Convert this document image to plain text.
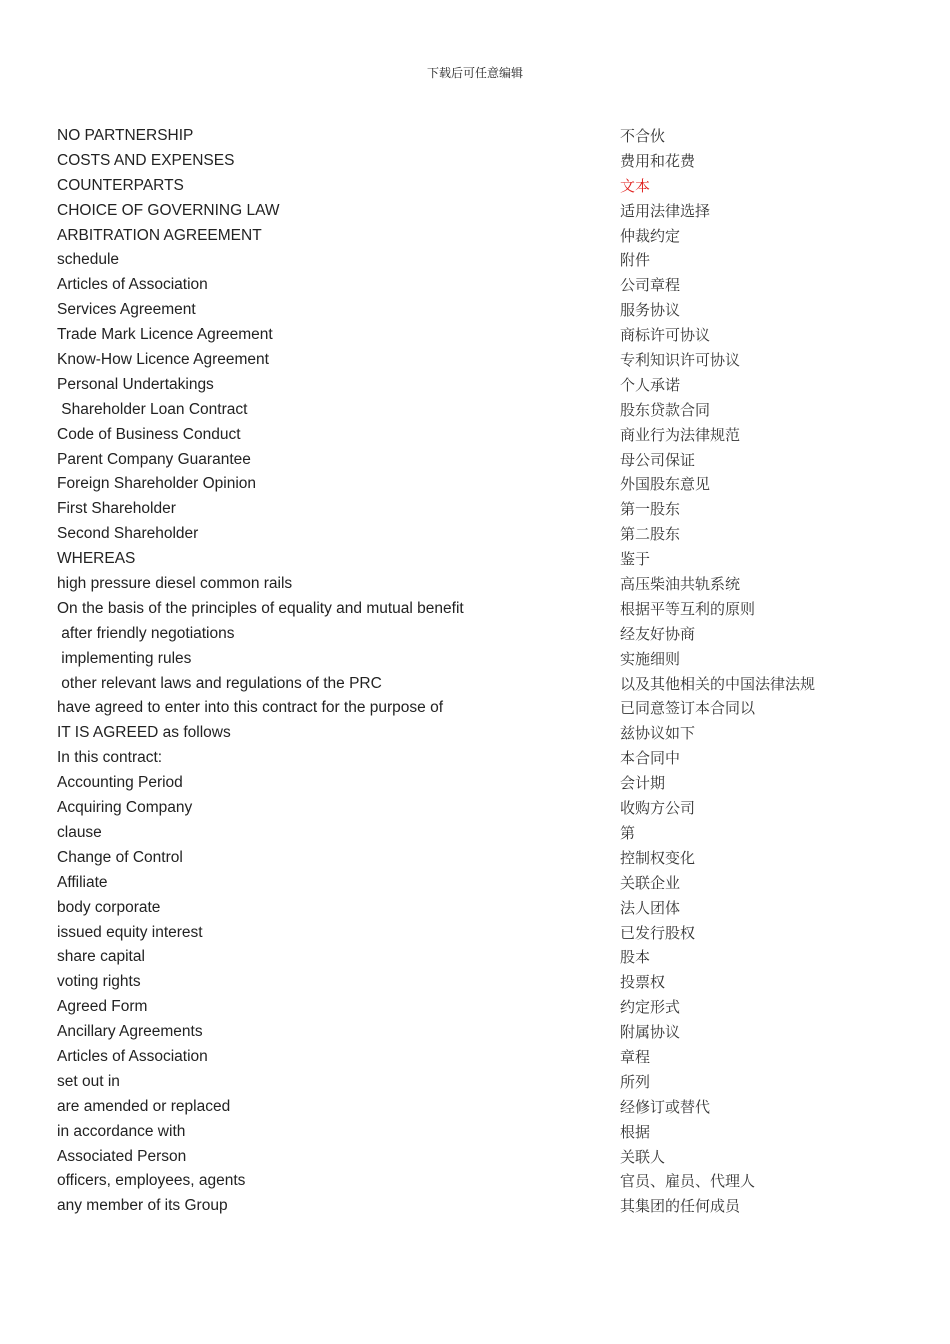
下载后可任意编辑
NO PARTNERSHIP	不合伙
COSTS AND EXPENSES	费用和花费
COUNTERPARTS	文本
CHOICE OF GOVERNING LAW	适用法律选择
ARBITRATION AGREEMENT	仲裁约定
schedule	附件
Articles of Association	公司章程
Services Agreement	服务协议
Trade Mark Licence Agreement	商标许可协议
Know-How Licence Agreement	专利知识许可协议
Personal Undertakings	个人承诺
Shareholder Loan Contract	股东贷款合同
Code of Business Conduct	商业行为法律规范
Parent Company Guarantee	母公司保证
Foreign Shareholder Opinion	外国股东意见
First Shareholder	第一股东
Second Shareholder	第二股东
WHEREAS	鉴于
high pressure diesel common rails	高压柴油共轨系统
On the basis of the principles of equality and mutual benefit	根据平等互利的原则
after friendly negotiations	经友好协商
implementing rules	实施细则
other relevant laws and regulations of the PRC	以及其他相关的中国法律法规
have agreed to enter into this contract for the purpose of	已同意签订本合同以
IT IS AGREED as follows	兹协议如下
In this contract:	本合同中
Accounting Period	会计期
Acquiring Company	收购方公司
clause	第
Change of Control	控制权变化
Affiliate	关联企业
body corporate	法人团体
issued equity interest	已发行股权
share capital	股本
voting rights	投票权
Agreed Form	约定形式
Ancillary Agreements	附属协议
Articles of Association	章程
set out in	所列
are amended or replaced	经修订或替代
in accordance with	根据
Associated Person	关联人
officers, employees, agents	官员、雇员、代理人
any member of its Group	其集团的任何成员
